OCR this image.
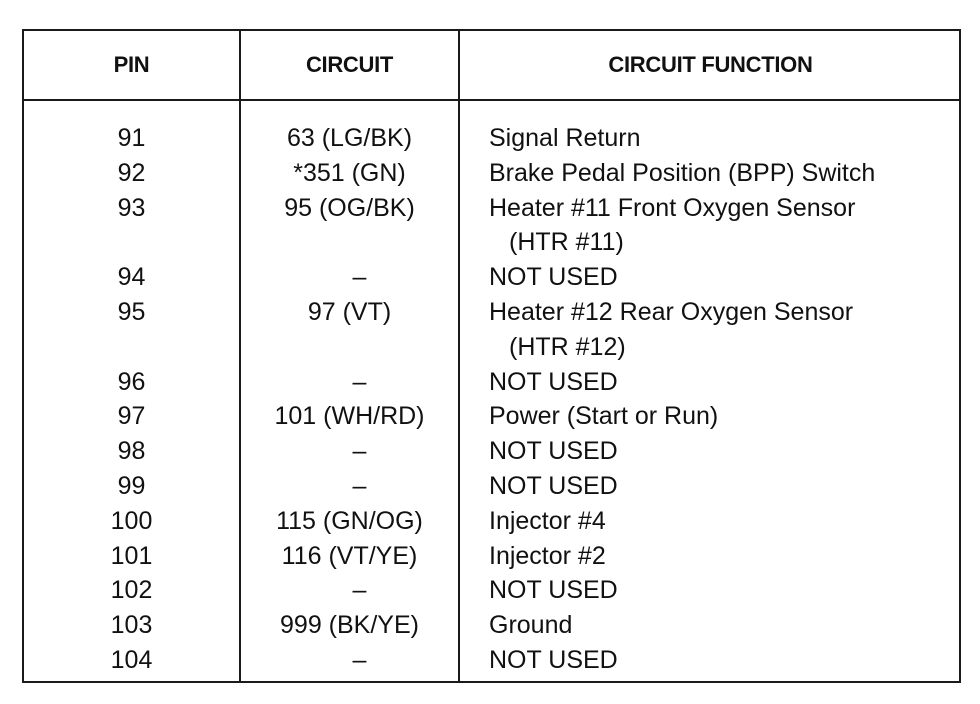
PIN	CIRCUIT	CIRCUIT FUNCTION
91	63 (LG/BK)	Signal Return
92	*351 (GN)	Brake Pedal Position (BPP) Switch
93	95 (OG/BK)	Heater #11 Front Oxygen Sensor
(HTR #11)
94	–	NOT USED
95	97 (VT)	Heater #12 Rear Oxygen Sensor
(HTR #12)
96	–	NOT USED
97	101 (WH/RD)	Power (Start or Run)
98	–	NOT USED
99	–	NOT USED
100	115 (GN/OG)	Injector #4
101	116 (VT/YE)	Injector #2
102	–	NOT USED
103	999 (BK/YE)	Ground
104	–	NOT USED
